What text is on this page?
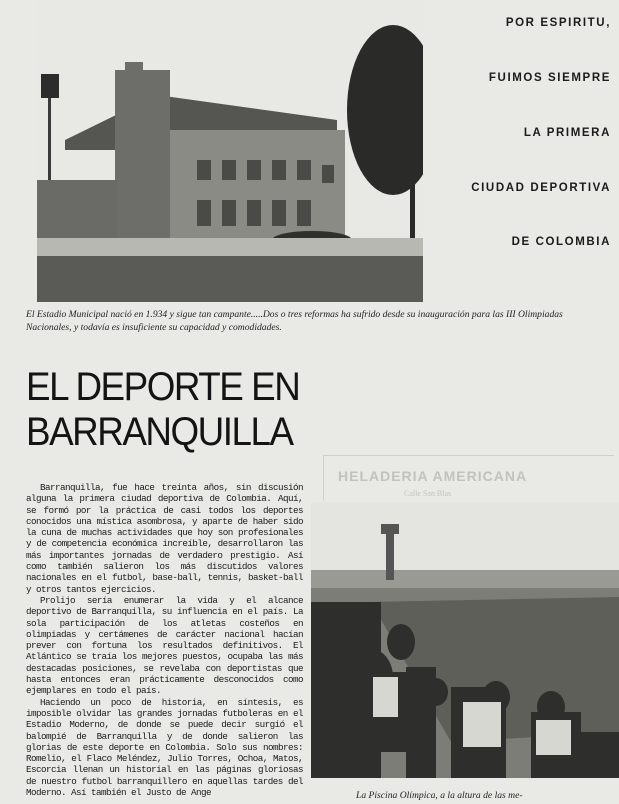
POR ESPIRITU,
FUIMOS SIEMPRE
LA PRIMERA
CIUDAD DEPORTIVA
DE COLOMBIA
El Estadio Municipal nació en 1.934 y sigue tan campante.....Dos o tres reformas ha sufrido desde su inauguración para las III Olimpiadas Nacionales, y todavía es insuficiente su capacidad y comodidades.
EL DEPORTE EN BARRANQUILLA
HELADERIA AMERICANA
Calle San Blas

Barranquilla, fue hace treinta años, sin discusión alguna la primera ciudad deportiva de Colombia. Aquí, se formó por la práctica de casi todos los deportes conocidos una mística asombrosa, y aparte de haber sido la cuna de muchas actividades que hoy son profesionales y de competencia económica increíble, desarrollaron las más importantes jornadas de verdadero prestigio. Así como también salieron los más discutidos valores nacionales en el futbol, base-ball, tennis, basket-ball y otros tantos ejercicios.

Prolijo sería enumerar la vida y el alcance deportivo de Barranquilla, su influencia en el país. La sola participación de los atletas costeños en olimpiadas y certámenes de carácter nacional hacían prever con fortuna los resultados definitivos. El Atlántico se traía los mejores puestos, ocupaba las más destacadas posiciones, se revelaba con deportistas que hasta entonces eran prácticamente desconocidos como ejemplares en todo el país.

Haciendo un poco de historia, en síntesis, es imposible olvidar las grandes jornadas futboleras en el Estadio Moderno, de donde se puede decir surgió el balompié de Barranquilla y de donde salieron las glorias de este deporte en Colombia. Solo sus nombres: Romelio, el Flaco Meléndez, Julio Torres, Ochoa, Matos, Escorcia llenan un historial en las páginas gloriosas de nuestro futbol barranquillero en aquellas tardes del Moderno. Así también el Justo de Ange	La Piscina Olímpica, a la altura de las me-
